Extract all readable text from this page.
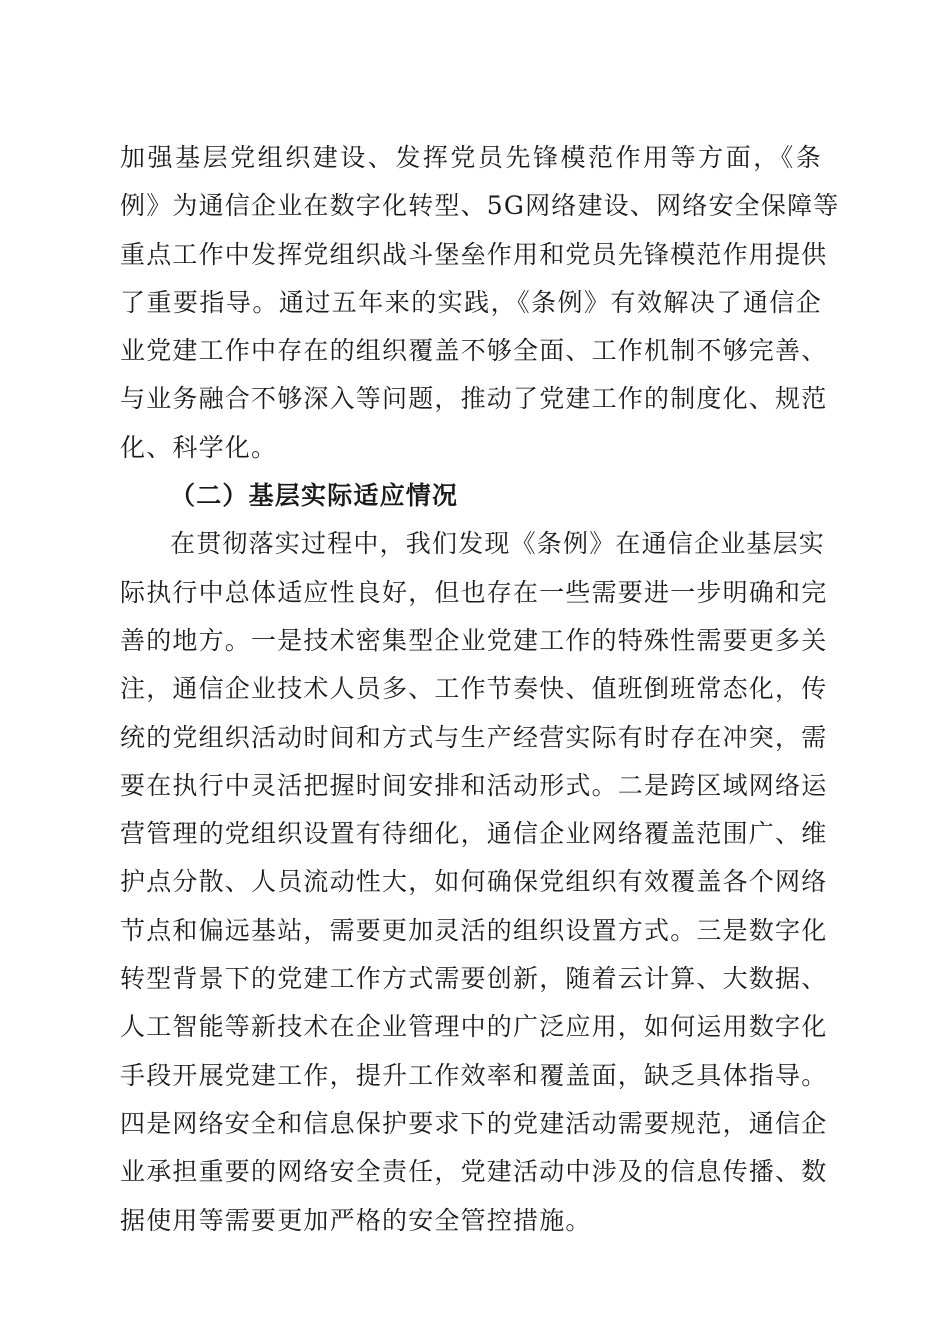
加强基层党组织建设、发挥党员先锋模范作用等方面，《条
例》为通信企业在数字化转型、5G网络建设、网络安全保障等
重点工作中发挥党组织战斗堡垒作用和党员先锋模范作用提供
了重要指导。通过五年来的实践，《条例》有效解决了通信企
业党建工作中存在的组织覆盖不够全面、工作机制不够完善、
与业务融合不够深入等问题，推动了党建工作的制度化、规范
化、科学化。
（二）基层实际适应情况
在贯彻落实过程中，我们发现《条例》在通信企业基层实
际执行中总体适应性良好，但也存在一些需要进一步明确和完
善的地方。一是技术密集型企业党建工作的特殊性需要更多关
注，通信企业技术人员多、工作节奏快、值班倒班常态化，传
统的党组织活动时间和方式与生产经营实际有时存在冲突，需
要在执行中灵活把握时间安排和活动形式。二是跨区域网络运
营管理的党组织设置有待细化，通信企业网络覆盖范围广、维
护点分散、人员流动性大，如何确保党组织有效覆盖各个网络
节点和偏远基站，需要更加灵活的组织设置方式。三是数字化
转型背景下的党建工作方式需要创新，随着云计算、大数据、
人工智能等新技术在企业管理中的广泛应用，如何运用数字化
手段开展党建工作，提升工作效率和覆盖面，缺乏具体指导。
四是网络安全和信息保护要求下的党建活动需要规范，通信企
业承担重要的网络安全责任，党建活动中涉及的信息传播、数
据使用等需要更加严格的安全管控措施。
